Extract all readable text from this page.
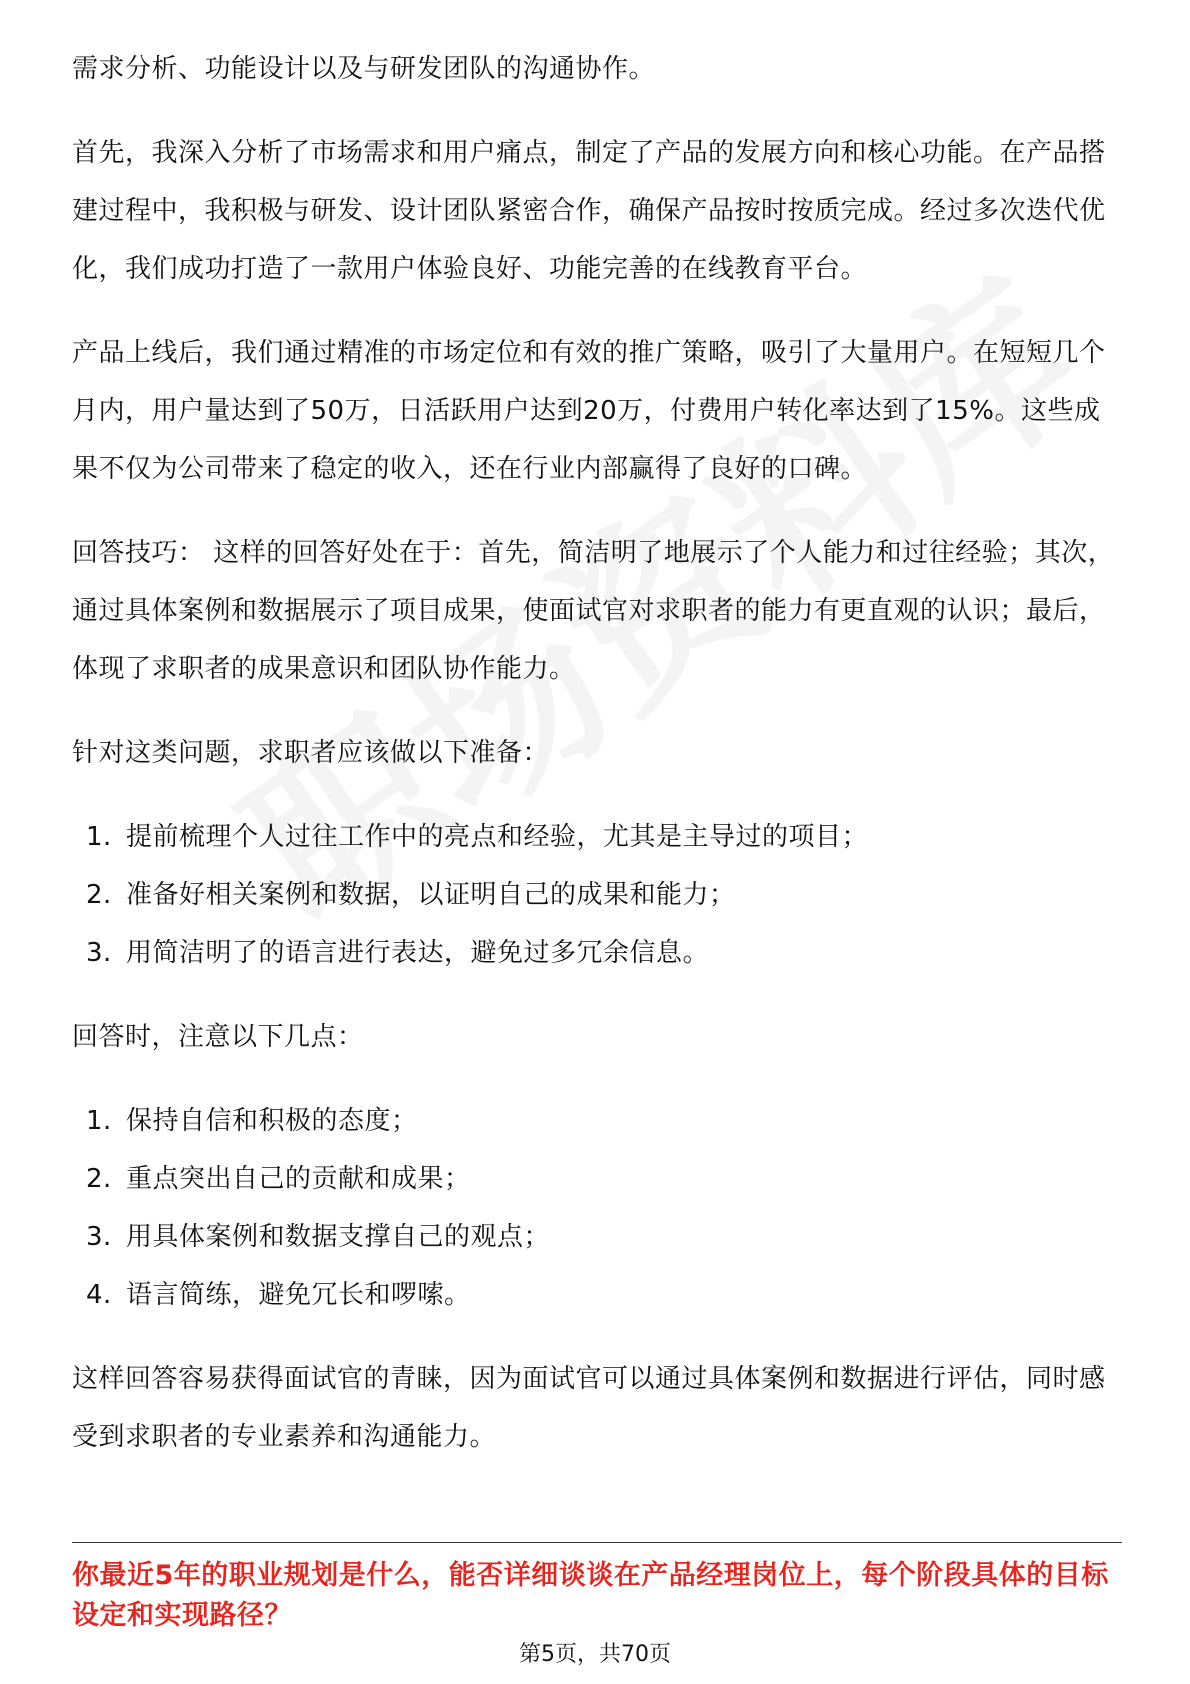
需求分析、功能设计以及与研发团队的沟通协作。

首先，我深入分析了市场需求和用户痛点，制定了产品的发展方向和核心功能。在产品搭建过程中，我积极与研发、设计团队紧密合作，确保产品按时按质完成。经过多次迭代优化，我们成功打造了一款用户体验良好、功能完善的在线教育平台。

产品上线后，我们通过精准的市场定位和有效的推广策略，吸引了大量用户。在短短几个月内，用户量达到了50万，日活跃用户达到20万，付费用户转化率达到了15%。这些成果不仅为公司带来了稳定的收入，还在行业内部赢得了良好的口碑。

回答技巧： 这样的回答好处在于：首先，简洁明了地展示了个人能力和过往经验；其次，通过具体案例和数据展示了项目成果，使面试官对求职者的能力有更直观的认识；最后，体现了求职者的成果意识和团队协作能力。

针对这类问题，求职者应该做以下准备：

1. 提前梳理个人过往工作中的亮点和经验，尤其是主导过的项目；
2. 准备好相关案例和数据，以证明自己的成果和能力；
3. 用简洁明了的语言进行表达，避免过多冗余信息。

回答时，注意以下几点：

1. 保持自信和积极的态度；
2. 重点突出自己的贡献和成果；
3. 用具体案例和数据支撑自己的观点；
4. 语言简练，避免冗长和啰嗦。

这样回答容易获得面试官的青睐，因为面试官可以通过具体案例和数据进行评估，同时感受到求职者的专业素养和沟通能力。

你最近5年的职业规划是什么，能否详细谈谈在产品经理岗位上，每个阶段具体的目标设定和实现路径？

第5页，共70页
